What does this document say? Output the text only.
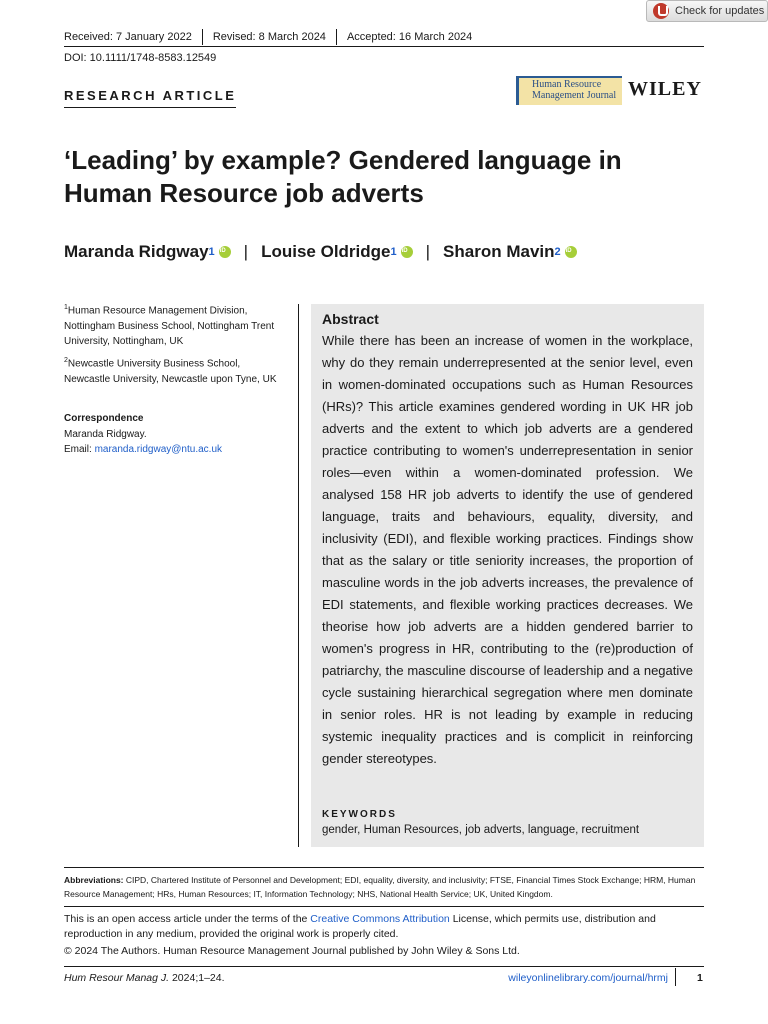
Check for updates
Received: 7 January 2022	Revised: 8 March 2024	Accepted: 16 March 2024
DOI: 10.1111/1748-8583.12549
RESEARCH ARTICLE
Human Resource
Management Journal WILEY
‘Leading’ by example? Gendered language in Human Resource job adverts
Maranda Ridgway 1 iD | Louise Oldridge 1 iD | Sharon Mavin 2
iD

$^1$Human Resource Management Division, Nottingham Business School, Nottingham Trent University, Nottingham, UK

$^2$Newcastle University Business School, Newcastle University, Newcastle upon Tyne, UK

Correspondence
Maranda Ridgway.
Email: maranda.ridgway@ntu.ac.uk
Abstract
While there has been an increase of women in the workplace, why do they remain underrepresented at the senior level, even in women-dominated occupations such as Human Resources (HRs)? This article examines gendered wording in UK HR job adverts and the extent to which job adverts are a gendered practice contributing to women's underrepresentation in senior roles—even within a women-dominated profession. We analysed 158 HR job adverts to identify the use of gendered language, traits and behaviours, equality, diversity, and inclusivity (EDI), and flexible working practices. Findings show that as the salary or title seniority increases, the proportion of masculine words in the job adverts increases, the prevalence of EDI statements, and flexible working practices decreases. We theorise how job adverts are a hidden gendered barrier to women's progress in HR, contributing to the (re)production of patriarchy, the masculine discourse of leadership and a negative cycle sustaining hierarchical segregation where men dominate in senior roles. HR is not leading by example in reducing systemic inequality practices and is complicit in reinforcing gender stereotypes.
KEYWORDS
gender, Human Resources, job adverts, language, recruitment
Abbreviations: CIPD, Chartered Institute of Personnel and Development; EDI, equality, diversity, and inclusivity; FTSE, Financial Times Stock Exchange; HRM, Human Resource Management; HRs, Human Resources; IT, Information Technology; NHS, National Health Service; UK, United Kingdom.
This is an open access article under the terms of the Creative Commons Attribution License, which permits use, distribution and reproduction in any medium, provided the original work is properly cited.
© 2024 The Authors. Human Resource Management Journal published by John Wiley & Sons Ltd.
Hum Resour Manag J. 2024;1–24.	wileyonlinelibrary.com/journal/hrmj	1
